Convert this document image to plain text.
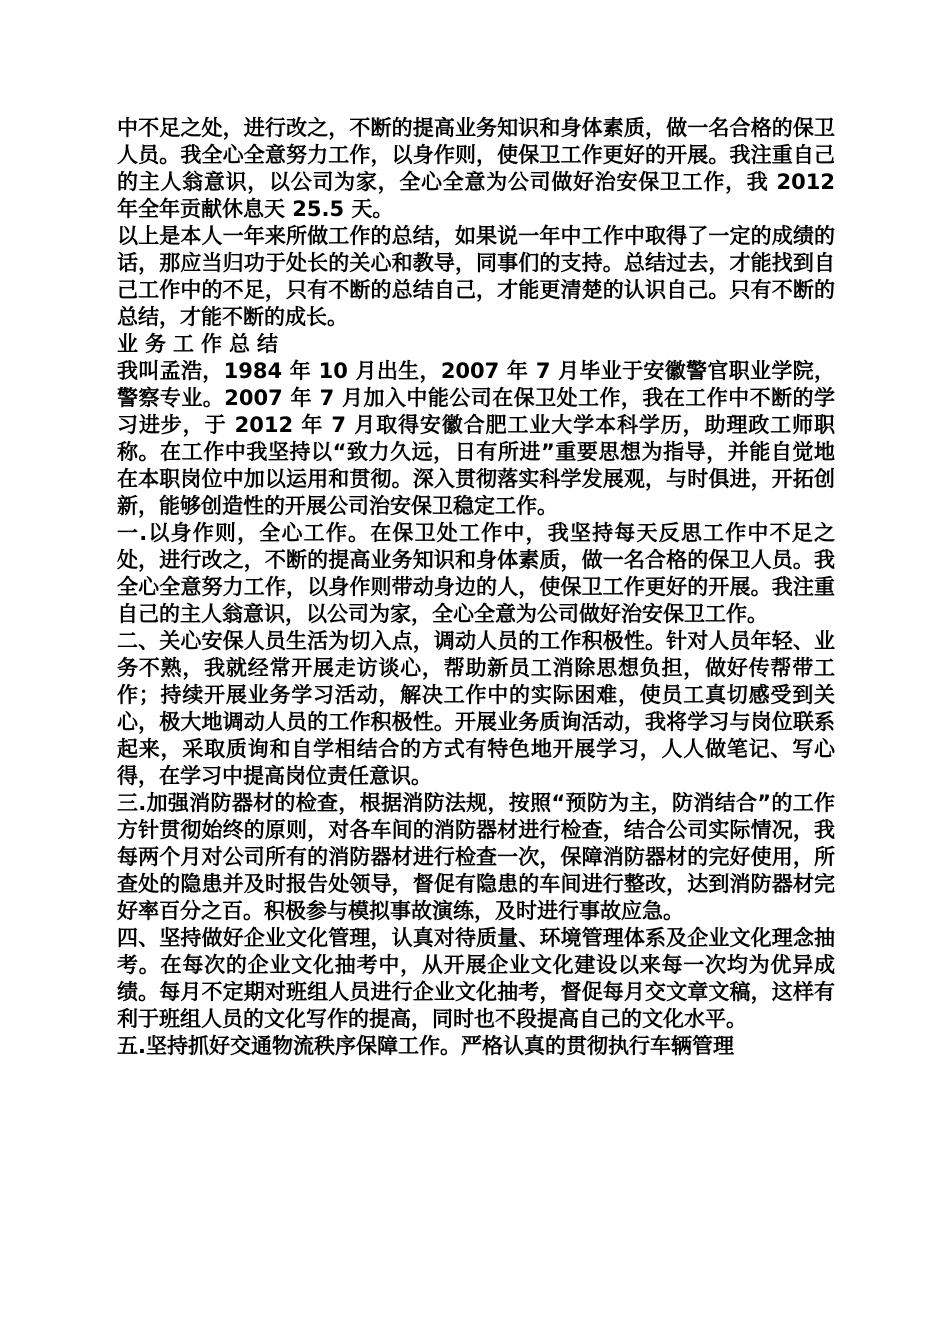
中不足之处，进行改之，不断的提高业务知识和身体素质，做一名合格的保卫人员。我全心全意努力工作，以身作则，使保卫工作更好的开展。我注重自己的主人翁意识，以公司为家，全心全意为公司做好治安保卫工作，我 2012 年全年贡献休息天 25.5 天。

以上是本人一年来所做工作的总结，如果说一年中工作中取得了一定的成绩的话，那应当归功于处长的关心和教导，同事们的支持。总结过去，才能找到自己工作中的不足，只有不断的总结自己，才能更清楚的认识自己。只有不断的总结，才能不断的成长。

业务工作总结

我叫孟浩，1984 年 10 月出生，2007 年 7 月毕业于安徽警官职业学院，警察专业。2007 年 7 月加入中能公司在保卫处工作，我在工作中不断的学习进步，于 2012 年 7 月取得安徽合肥工业大学本科学历，助理政工师职称。在工作中我坚持以“致力久远，日有所进”重要思想为指导，并能自觉地在本职岗位中加以运用和贯彻。深入贯彻落实科学发展观，与时俱进，开拓创新，能够创造性的开展公司治安保卫稳定工作。

一.以身作则，全心工作。在保卫处工作中，我坚持每天反思工作中不足之处，进行改之，不断的提高业务知识和身体素质，做一名合格的保卫人员。我全心全意努力工作，以身作则带动身边的人，使保卫工作更好的开展。我注重自己的主人翁意识，以公司为家，全心全意为公司做好治安保卫工作。

二、关心安保人员生活为切入点，调动人员的工作积极性。针对人员年轻、业务不熟，我就经常开展走访谈心，帮助新员工消除思想负担，做好传帮带工作；持续开展业务学习活动，解决工作中的实际困难，使员工真切感受到关心，极大地调动人员的工作积极性。开展业务质询活动，我将学习与岗位联系起来，采取质询和自学相结合的方式有特色地开展学习，人人做笔记、写心得，在学习中提高岗位责任意识。

三.加强消防器材的检查，根据消防法规，按照“预防为主，防消结合”的工作方针贯彻始终的原则，对各车间的消防器材进行检查，结合公司实际情况，我每两个月对公司所有的消防器材进行检查一次，保障消防器材的完好使用，所查处的隐患并及时报告处领导，督促有隐患的车间进行整改，达到消防器材完好率百分之百。积极参与模拟事故演练，及时进行事故应急。

四、坚持做好企业文化管理，认真对待质量、环境管理体系及企业文化理念抽考。在每次的企业文化抽考中，从开展企业文化建设以来每一次均为优异成绩。每月不定期对班组人员进行企业文化抽考，督促每月交文章文稿，这样有利于班组人员的文化写作的提高，同时也不段提高自己的文化水平。

五.坚持抓好交通物流秩序保障工作。严格认真的贯彻执行车辆管理
